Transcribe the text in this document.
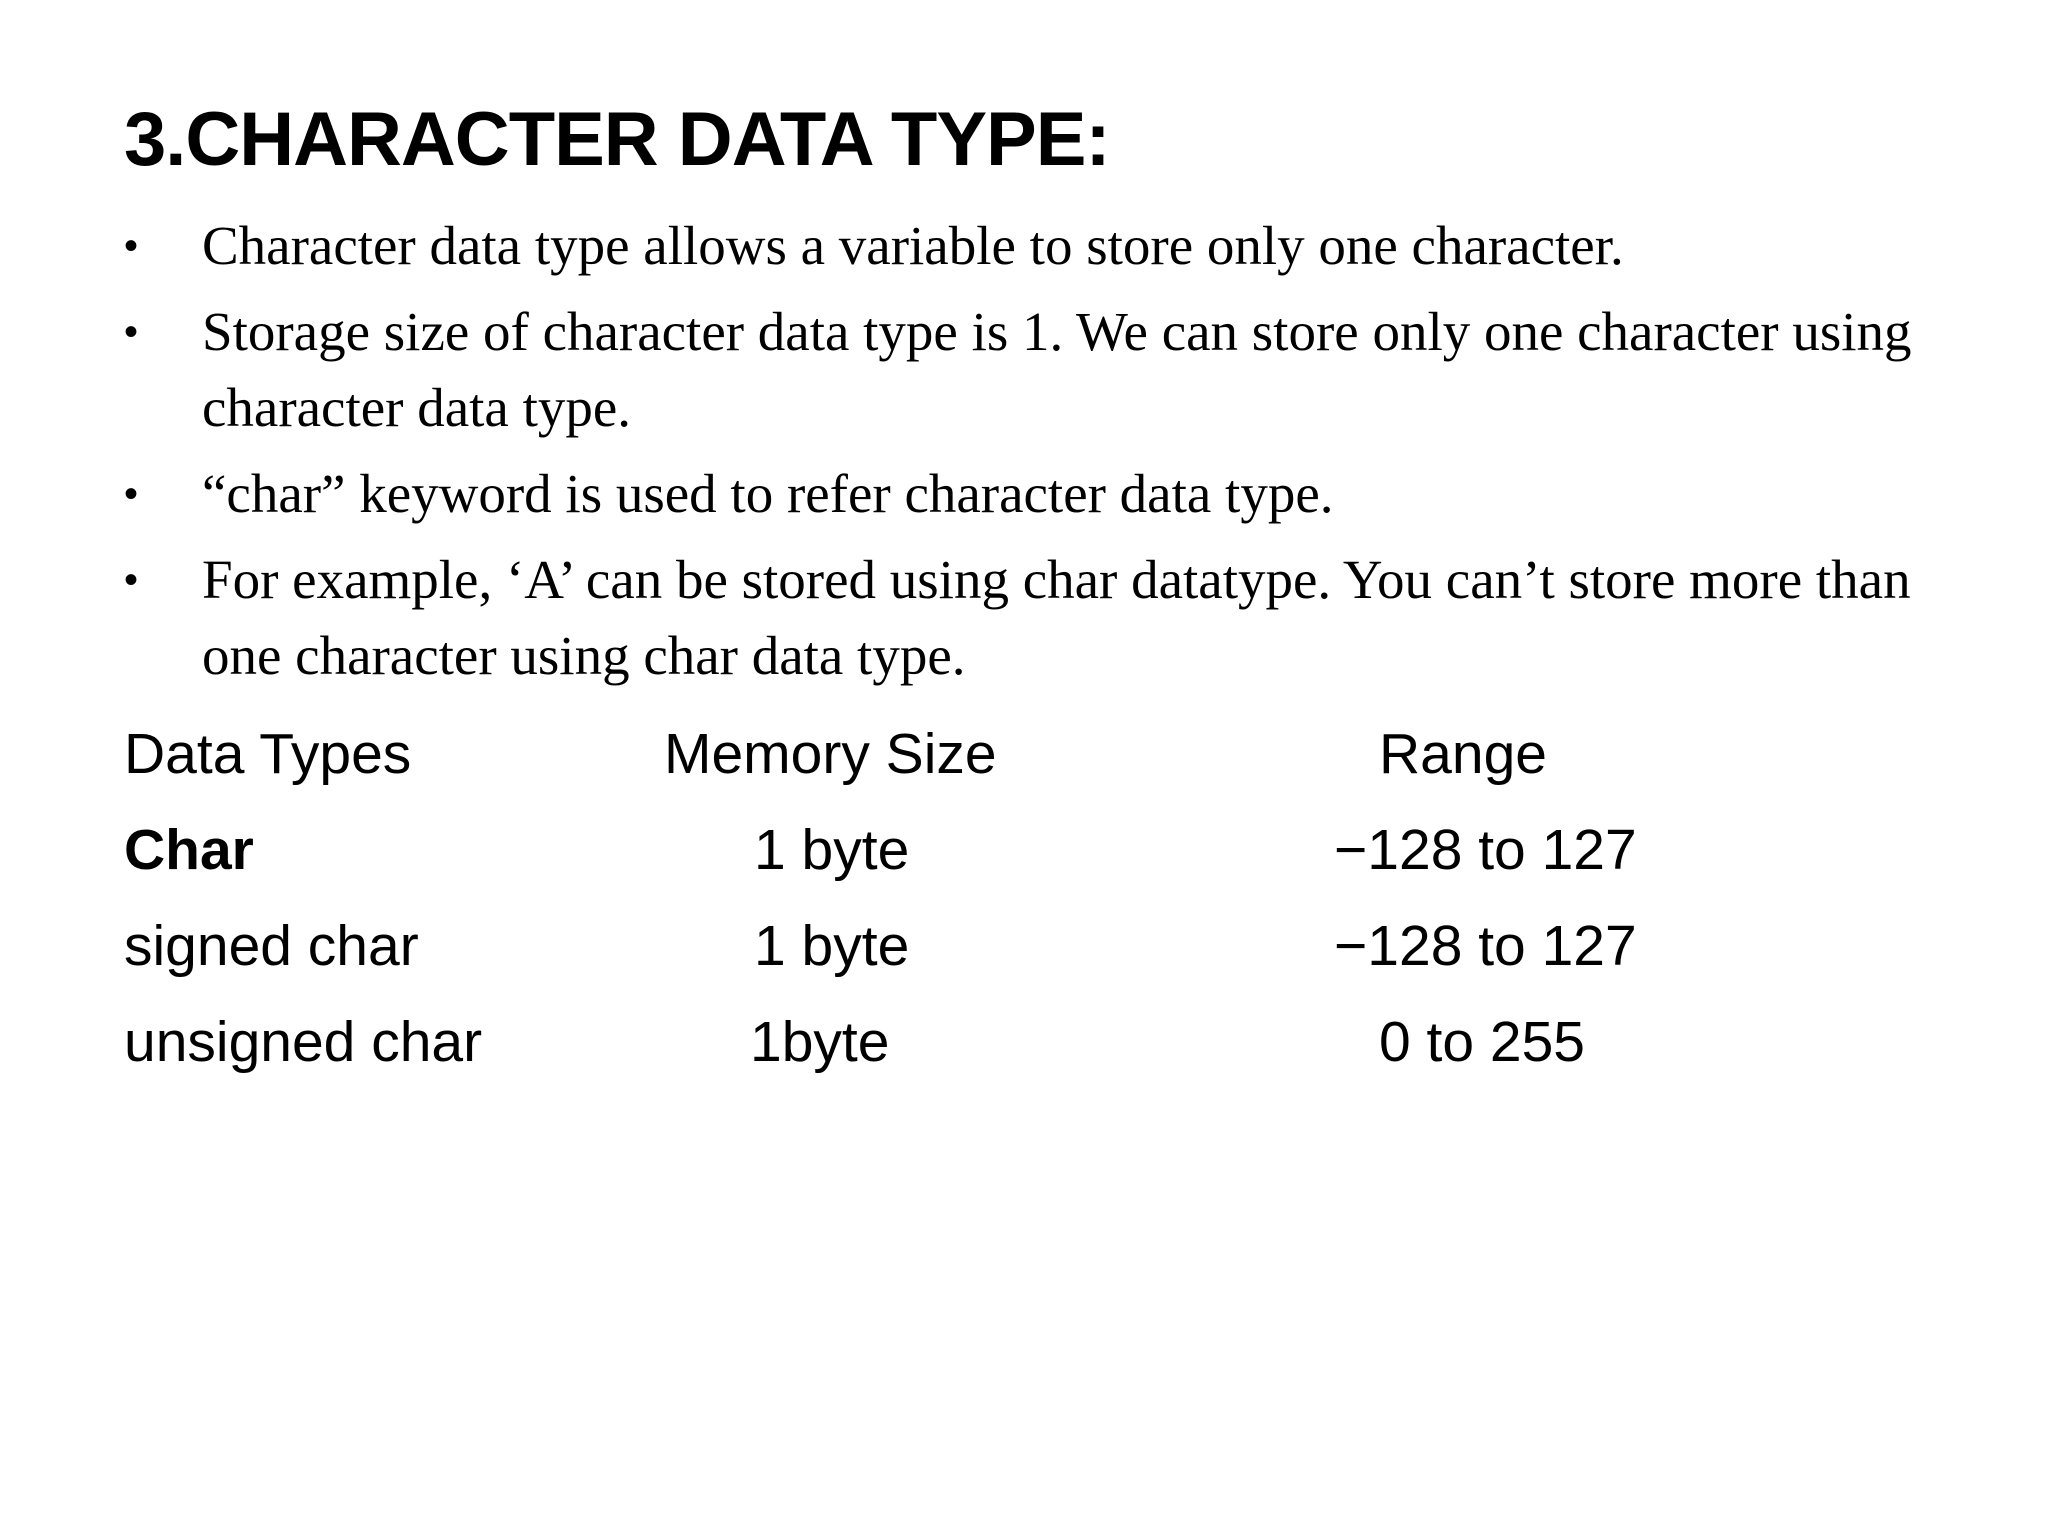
3.CHARACTER DATA TYPE:
• Character data type allows a variable to store only one character.
• Storage size of character data type is 1. We can store only one character using character data type.
• “char” keyword is used to refer character data type.
• For example, ‘A’ can be stored using char datatype. You can’t store more than one character using char data type.
Data Types	Memory Size	Range
Char	1 byte	−128 to 127
signed char	1 byte	−128 to 127
unsigned char	1byte	0 to 255
